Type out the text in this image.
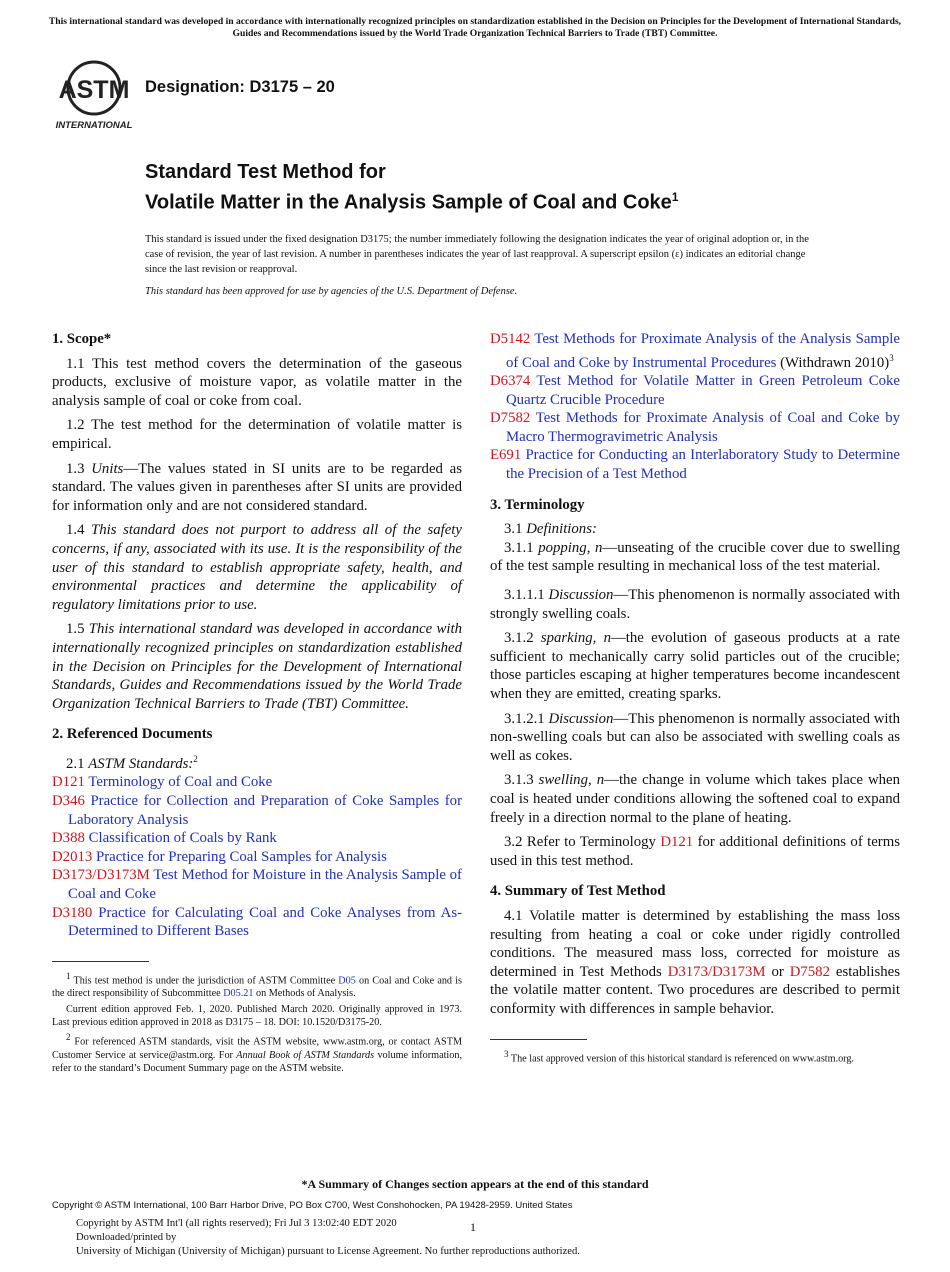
This international standard was developed in accordance with internationally recognized principles on standardization established in the Decision on Principles for the Development of International Standards, Guides and Recommendations issued by the World Trade Organization Technical Barriers to Trade (TBT) Committee.
ASTM
INTERNATIONAL
Designation: D3175 – 20
Standard Test Method for
Volatile Matter in the Analysis Sample of Coal and Coke$^1$
This standard is issued under the fixed designation D3175; the number immediately following the designation indicates the year of original adoption or, in the case of revision, the year of last revision. A number in parentheses indicates the year of last reapproval. A superscript epsilon (ε) indicates an editorial change since the last revision or reapproval.
This standard has been approved for use by agencies of the U.S. Department of Defense.
1. Scope*
1.1 This test method covers the determination of the gaseous products, exclusive of moisture vapor, as volatile matter in the analysis sample of coal or coke from coal.
1.2 The test method for the determination of volatile matter is empirical.
1.3 Units—The values stated in SI units are to be regarded as standard. The values given in parentheses after SI units are provided for information only and are not considered standard.
1.4 This standard does not purport to address all of the safety concerns, if any, associated with its use. It is the responsibility of the user of this standard to establish appropriate safety, health, and environmental practices and determine the applicability of regulatory limitations prior to use.
1.5 This international standard was developed in accordance with internationally recognized principles on standardization established in the Decision on Principles for the Development of International Standards, Guides and Recommendations issued by the World Trade Organization Technical Barriers to Trade (TBT) Committee.
2. Referenced Documents
2.1 ASTM Standards:$^2$
D121 Terminology of Coal and Coke
D346 Practice for Collection and Preparation of Coke Samples for Laboratory Analysis
D388 Classification of Coals by Rank
D2013 Practice for Preparing Coal Samples for Analysis
D3173/D3173M Test Method for Moisture in the Analysis Sample of Coal and Coke
D3180 Practice for Calculating Coal and Coke Analyses from As-Determined to Different Bases
$^1$ This test method is under the jurisdiction of ASTM Committee D05 on Coal and Coke and is the direct responsibility of Subcommittee D05.21 on Methods of Analysis.
Current edition approved Feb. 1, 2020. Published March 2020. Originally approved in 1973. Last previous edition approved in 2018 as D3175 – 18. DOI: 10.1520/D3175-20.
$^2$ For referenced ASTM standards, visit the ASTM website, www.astm.org, or contact ASTM Customer Service at service@astm.org. For Annual Book of ASTM Standards volume information, refer to the standard’s Document Summary page on the ASTM website.
D5142 Test Methods for Proximate Analysis of the Analysis Sample of Coal and Coke by Instrumental Procedures (Withdrawn 2010)$^3$
D6374 Test Method for Volatile Matter in Green Petroleum Coke Quartz Crucible Procedure
D7582 Test Methods for Proximate Analysis of Coal and Coke by Macro Thermogravimetric Analysis
E691 Practice for Conducting an Interlaboratory Study to Determine the Precision of a Test Method
3. Terminology
3.1 Definitions:
3.1.1 popping, n—unseating of the crucible cover due to swelling of the test sample resulting in mechanical loss of the test material.
3.1.1.1 Discussion—This phenomenon is normally associated with strongly swelling coals.
3.1.2 sparking, n—the evolution of gaseous products at a rate sufficient to mechanically carry solid particles out of the crucible; those particles escaping at higher temperatures become incandescent when they are emitted, creating sparks.
3.1.2.1 Discussion—This phenomenon is normally associated with non-swelling coals but can also be associated with swelling coals as well as cokes.
3.1.3 swelling, n—the change in volume which takes place when coal is heated under conditions allowing the softened coal to expand freely in a direction normal to the plane of heating.
3.2 Refer to Terminology D121 for additional definitions of terms used in this test method.
4. Summary of Test Method
4.1 Volatile matter is determined by establishing the mass loss resulting from heating a coal or coke under rigidly controlled conditions. The measured mass loss, corrected for moisture as determined in Test Methods D3173/D3173M or D7582 establishes the volatile matter content. Two procedures are described to permit conformity with differences in sample behavior.
$^3$ The last approved version of this historical standard is referenced on www.astm.org.
*A Summary of Changes section appears at the end of this standard
Copyright © ASTM International, 100 Barr Harbor Drive, PO Box C700, West Conshohocken, PA 19428-2959. United States
Copyright by ASTM Int'l (all rights reserved); Fri Jul 3 13:02:40 EDT 2020
Downloaded/printed by
University of Michigan (University of Michigan) pursuant to License Agreement. No further reproductions authorized.
1
